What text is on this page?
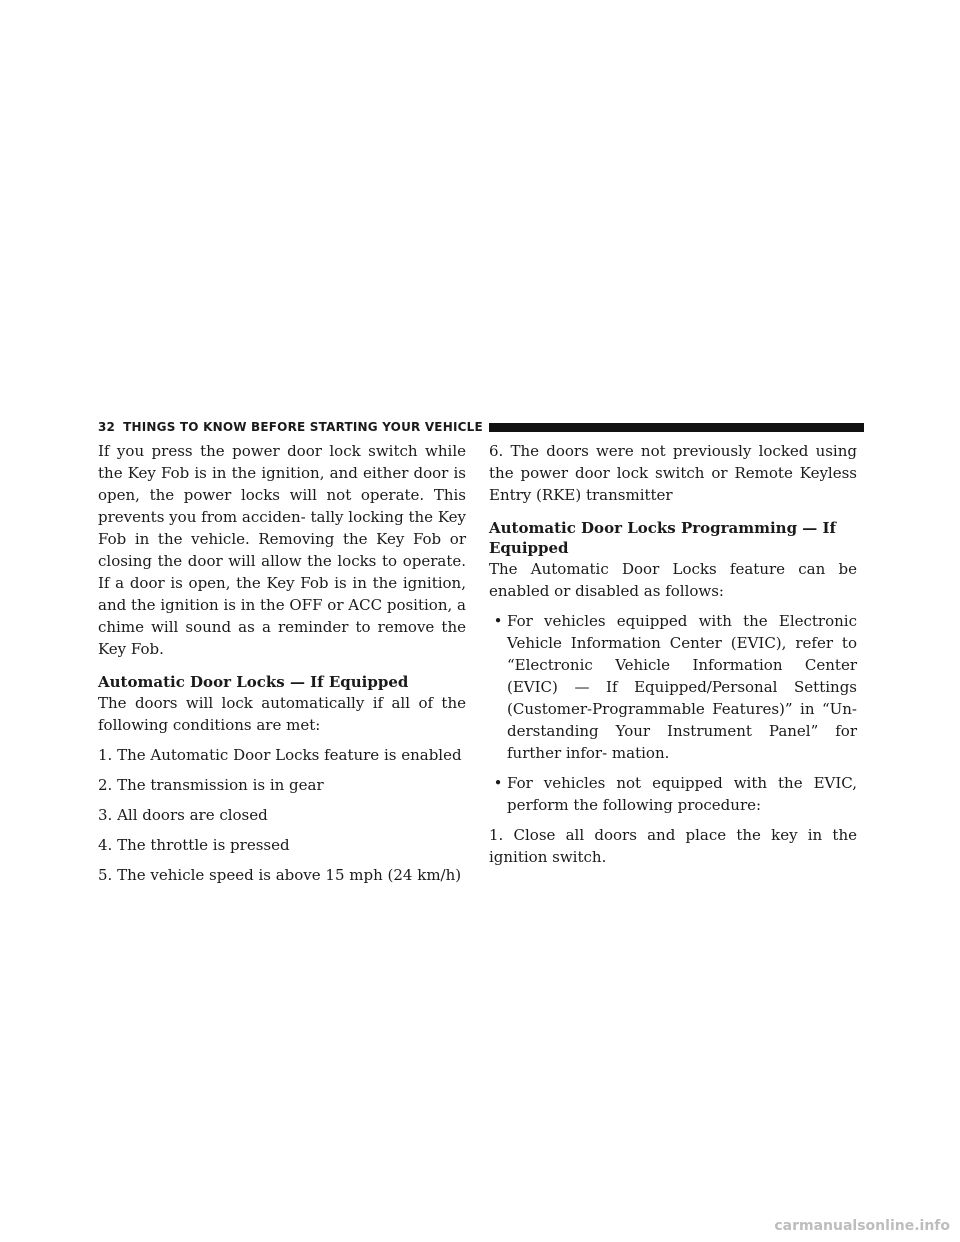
32 THINGS TO KNOW BEFORE STARTING YOUR VEHICLE

If you press the power door lock switch while the Key Fob is in the ignition, and either door is open, the power locks will not operate. This prevents you from acciden- tally locking the Key Fob in the vehicle. Removing the Key Fob or closing the door will allow the locks to operate. If a door is open, the Key Fob is in the ignition, and the ignition is in the OFF or ACC position, a chime will sound as a reminder to remove the Key Fob.

Automatic Door Locks — If Equipped

The doors will lock automatically if all of the following conditions are met:

1. The Automatic Door Locks feature is enabled
2. The transmission is in gear
3. All doors are closed
4. The throttle is pressed
5. The vehicle speed is above 15 mph (24 km/h)

6. The doors were not previously locked using the power door lock switch or Remote Keyless Entry (RKE) transmitter

Automatic Door Locks Programming — If Equipped

The Automatic Door Locks feature can be enabled or disabled as follows:

• For vehicles equipped with the Electronic Vehicle Information Center (EVIC), refer to “Electronic Vehicle Information Center (EVIC) — If Equipped/Personal Settings (Customer-Programmable Features)” in “Un- derstanding Your Instrument Panel” for further infor- mation.
• For vehicles not equipped with the EVIC, perform the following procedure:

1. Close all doors and place the key in the ignition switch.

carmanualsonline.info
